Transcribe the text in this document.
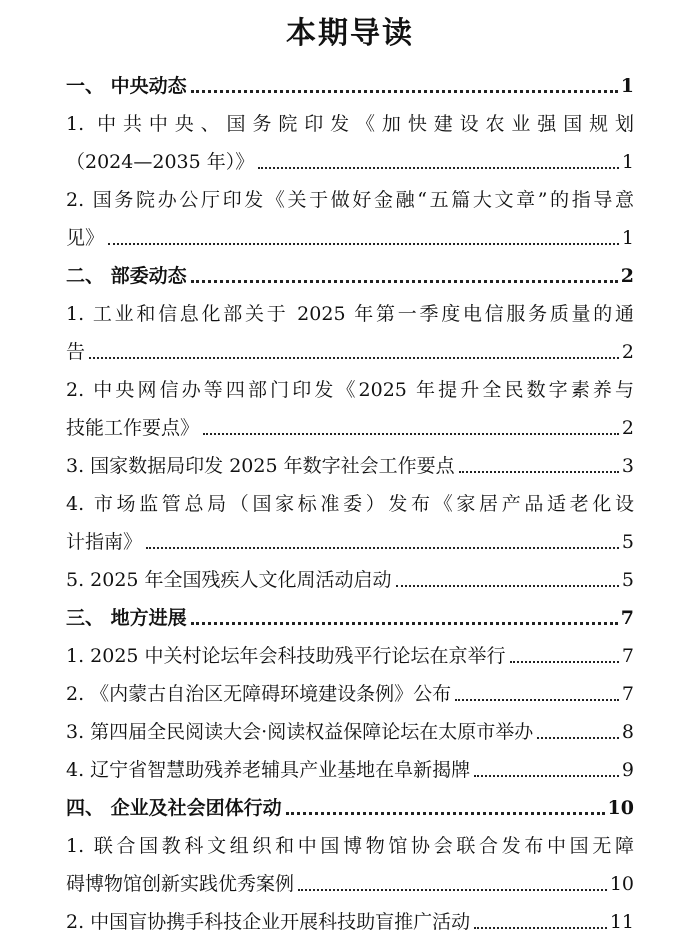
本期导读
一、 中央动态	1
1. 中共中央、国务院印发《加快建设农业强国规划
（2024—2035 年）》	1
2. 国务院办公厅印发《关于做好金融“五篇大文章”的指导意
见》	1
二、 部委动态	2
1. 工业和信息化部关于 2025 年第一季度电信服务质量的通
告	2
2. 中央网信办等四部门印发《2025 年提升全民数字素养与
技能工作要点》	2
3. 国家数据局印发 2025 年数字社会工作要点	3
4. 市场监管总局（国家标准委）发布《家居产品适老化设
计指南》	5
5. 2025 年全国残疾人文化周活动启动	5
三、 地方进展	7
1. 2025 中关村论坛年会科技助残平行论坛在京举行	7
2. 《内蒙古自治区无障碍环境建设条例》公布	7
3. 第四届全民阅读大会·阅读权益保障论坛在太原市举办	8
4. 辽宁省智慧助残养老辅具产业基地在阜新揭牌	9
四、 企业及社会团体行动	10
1. 联合国教科文组织和中国博物馆协会联合发布中国无障
碍博物馆创新实践优秀案例	10
2. 中国盲协携手科技企业开展科技助盲推广活动	11
